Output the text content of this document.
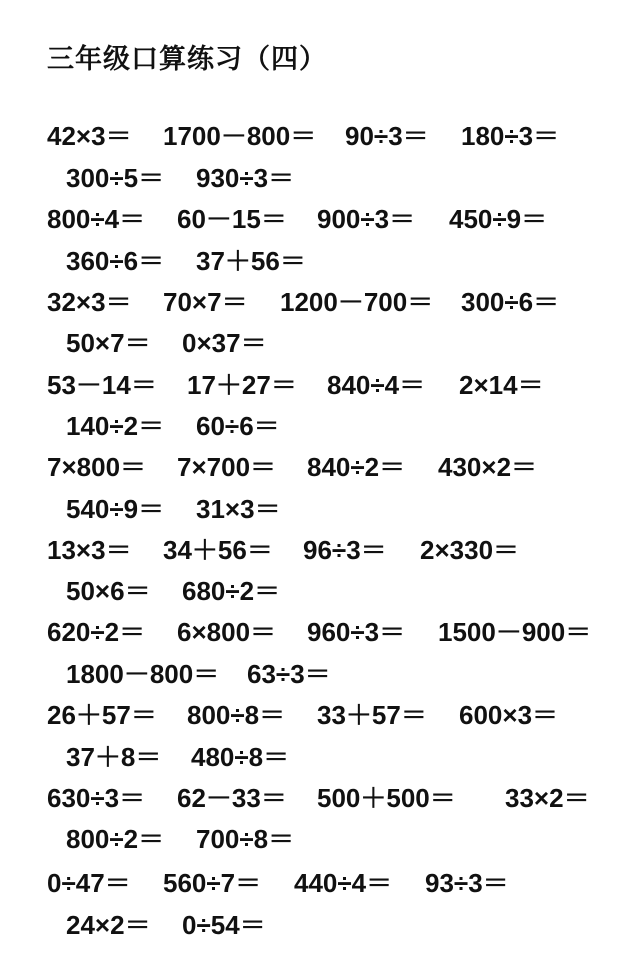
三年级口算练习（四）
42×3＝ 1700－800＝ 90÷3＝ 180÷3＝
300÷5＝ 930÷3＝
800÷4＝ 60－15＝ 900÷3＝ 450÷9＝
360÷6＝ 37＋56＝
32×3＝ 70×7＝ 1200－700＝ 300÷6＝
50×7＝ 0×37＝
53－14＝ 17＋27＝ 840÷4＝ 2×14＝
140÷2＝ 60÷6＝
7×800＝ 7×700＝ 840÷2＝ 430×2＝
540÷9＝ 31×3＝
13×3＝ 34＋56＝ 96÷3＝ 2×330＝
50×6＝ 680÷2＝
620÷2＝ 6×800＝ 960÷3＝ 1500－900＝
1800－800＝ 63÷3＝
26＋57＝ 800÷8＝ 33＋57＝ 600×3＝
37＋8＝ 480÷8＝
630÷3＝ 62－33＝ 500＋500＝ 33×2＝
800÷2＝ 700÷8＝
0÷47＝ 560÷7＝ 440÷4＝ 93÷3＝
24×2＝ 0÷54＝
